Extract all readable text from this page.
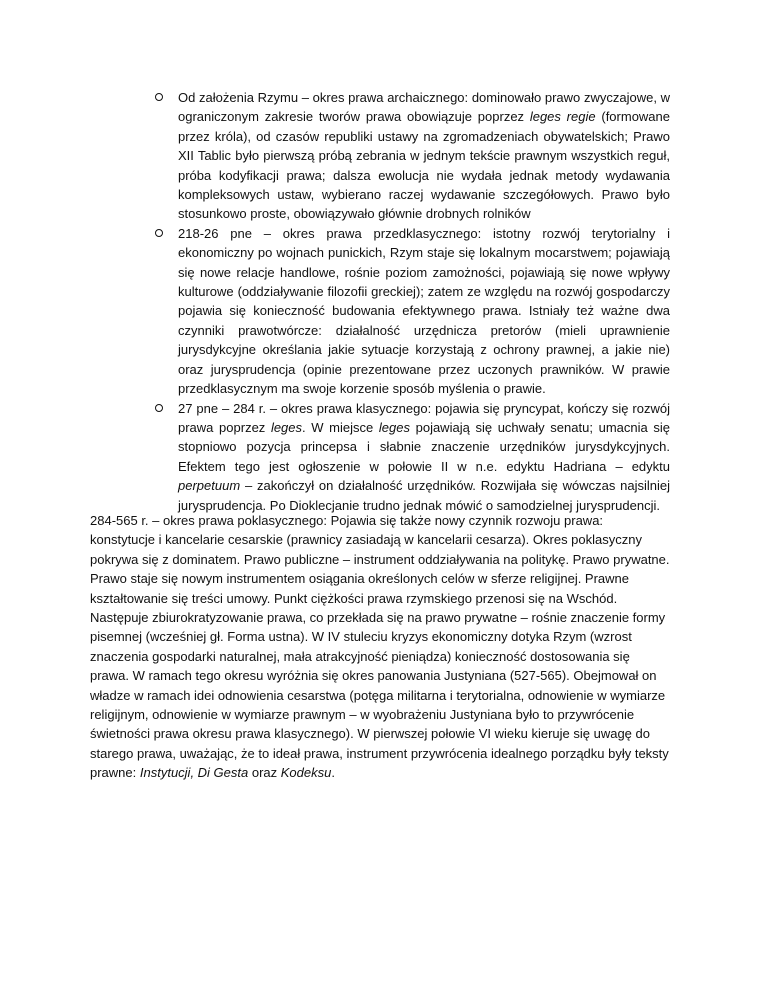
Od założenia Rzymu – okres prawa archaicznego: dominowało prawo zwyczajowe, w ograniczonym zakresie tworów prawa obowiązuje poprzez leges regie (formowane przez króla), od czasów republiki ustawy na zgromadzeniach obywatelskich; Prawo XII Tablic było pierwszą próbą zebrania w jednym tekście prawnym wszystkich reguł, próba kodyfikacji prawa; dalsza ewolucja nie wydała jednak metody wydawania kompleksowych ustaw, wybierano raczej wydawanie szczegółowych. Prawo było stosunkowo proste, obowiązywało głównie drobnych rolników
218-26 pne – okres prawa przedklasycznego: istotny rozwój terytorialny i ekonomiczny po wojnach punickich, Rzym staje się lokalnym mocarstwem; pojawiają się nowe relacje handlowe, rośnie poziom zamożności, pojawiają się nowe wpływy kulturowe (oddziaływanie filozofii greckiej); zatem ze względu na rozwój gospodarczy pojawia się konieczność budowania efektywnego prawa. Istniały też ważne dwa czynniki prawotwórcze: działalność urzędnicza pretorów (mieli uprawnienie jurysdykcyjne określania jakie sytuacje korzystają z ochrony prawnej, a jakie nie) oraz jurysprudencja (opinie prezentowane przez uczonych prawników. W prawie przedklasycznym ma swoje korzenie sposób myślenia o prawie.
27 pne – 284 r. – okres prawa klasycznego: pojawia się pryncypat, kończy się rozwój prawa poprzez leges. W miejsce leges pojawiają się uchwały senatu; umacnia się stopniowo pozycja princepsa i słabnie znaczenie urzędników jurysdykcyjnych. Efektem tego jest ogłoszenie w połowie II w n.e. edyktu Hadriana – edyktu perpetuum – zakończył on działalność urzędników. Rozwijała się wówczas najsilniej jurysprudencja. Po Dioklecjanie trudno jednak mówić o samodzielnej jurysprudencji.

284-565 r. – okres prawa poklasycznego: Pojawia się także nowy czynnik rozwoju prawa: konstytucje i kancelarie cesarskie (prawnicy zasiadają w kancelarii cesarza). Okres poklasyczny pokrywa się z dominatem. Prawo publiczne – instrument oddziaływania na politykę. Prawo prywatne. Prawo staje się nowym instrumentem osiągania określonych celów w sferze religijnej. Prawne kształtowanie się treści umowy. Punkt ciężkości prawa rzymskiego przenosi się na Wschód. Następuje zbiurokratyzowanie prawa, co przekłada się na prawo prywatne – rośnie znaczenie formy pisemnej (wcześniej gł. Forma ustna). W IV stuleciu kryzys ekonomiczny dotyka Rzym (wzrost znaczenia gospodarki naturalnej, mała atrakcyjność pieniądza) konieczność dostosowania się prawa. W ramach tego okresu wyróżnia się okres panowania Justyniana (527-565). Obejmował on władze w ramach idei odnowienia cesarstwa (potęga militarna i terytorialna, odnowienie w wymiarze religijnym, odnowienie w wymiarze prawnym – w wyobrażeniu Justyniana było to przywrócenie świetności prawa okresu prawa klasycznego). W pierwszej połowie VI wieku kieruje się uwagę do starego prawa, uważając, że to ideał prawa, instrument przywrócenia idealnego porządku były teksty prawne: Instytucji, Di Gesta oraz Kodeksu.
